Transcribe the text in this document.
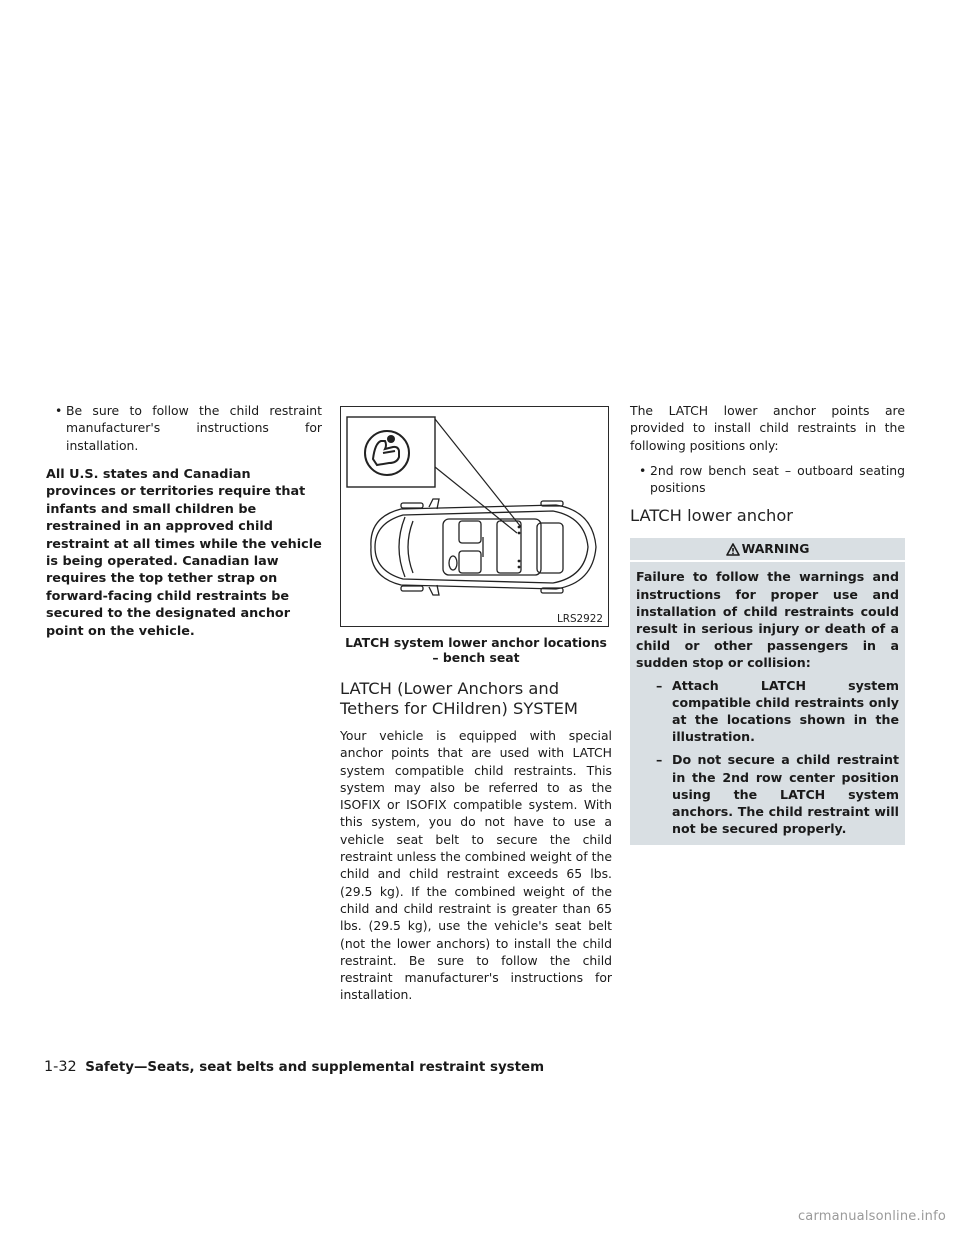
• Be sure to follow the child restraint manufacturer's instructions for installation.

All U.S. states and Canadian provinces or territories require that infants and small children be restrained in an approved child restraint at all times while the vehicle is being operated. Canadian law requires the top tether strap on forward-facing child restraints be secured to the designated anchor point on the vehicle.

LRS2922
LATCH system lower anchor locations – bench seat
LATCH (Lower Anchors and Tethers for CHildren) SYSTEM

Your vehicle is equipped with special anchor points that are used with LATCH system compatible child restraints. This system may also be referred to as the ISOFIX or ISOFIX compatible system. With this system, you do not have to use a vehicle seat belt to secure the child restraint unless the combined weight of the child and child restraint exceeds 65 lbs. (29.5 kg). If the combined weight of the child and child restraint is greater than 65 lbs. (29.5 kg), use the vehicle's seat belt (not the lower anchors) to install the child restraint. Be sure to follow the child restraint manufacturer's instructions for installation.

The LATCH lower anchor points are provided to install child restraints in the following positions only:

• 2nd row bench seat – outboard seating positions
LATCH lower anchor
WARNING
Failure to follow the warnings and instructions for proper use and installation of child restraints could result in serious injury or death of a child or other passengers in a sudden stop or collision:
– Attach LATCH system compatible child restraints only at the locations shown in the illustration.
– Do not secure a child restraint in the 2nd row center position using the LATCH system anchors. The child restraint will not be secured properly.
1-32 Safety—Seats, seat belts and supplemental restraint system
carmanualsonline.info
